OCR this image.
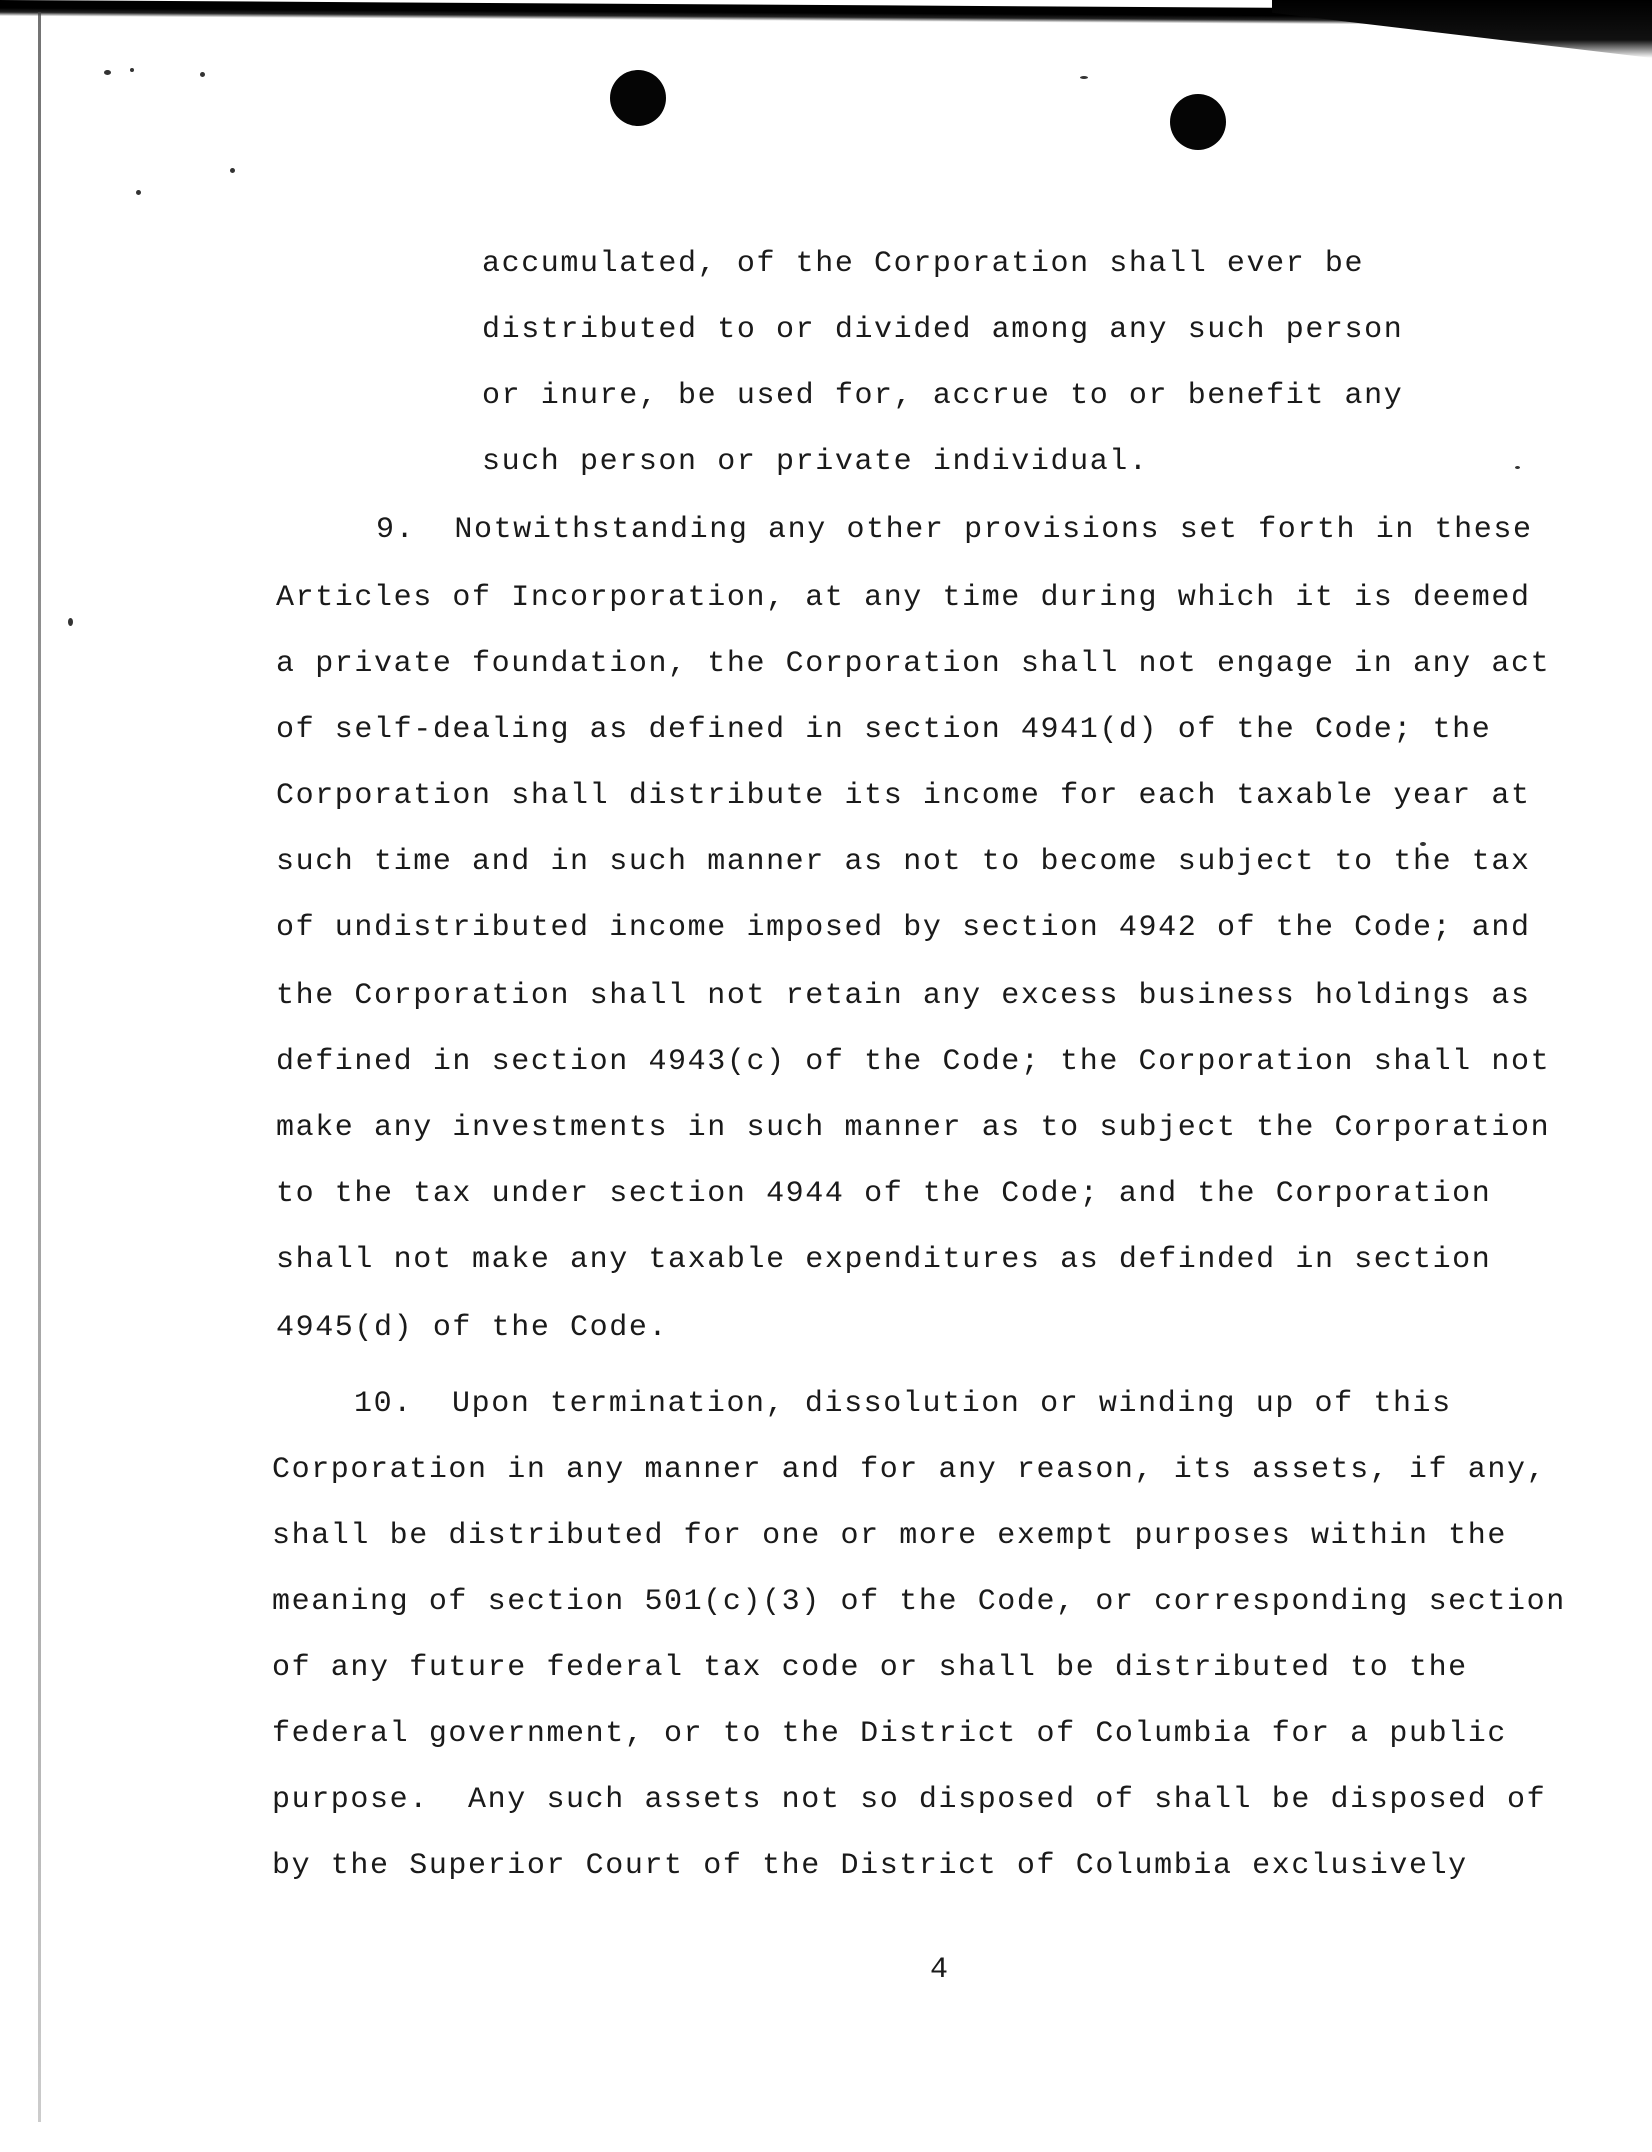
accumulated, of the Corporation shall ever be
distributed to or divided among any such person
or inure, be used for, accrue to or benefit any
such person or private individual.
9.  Notwithstanding any other provisions set forth in these
Articles of Incorporation, at any time during which it is deemed
a private foundation, the Corporation shall not engage in any act
of self-dealing as defined in section 4941(d) of the Code; the
Corporation shall distribute its income for each taxable year at
such time and in such manner as not to become subject to the tax
of undistributed income imposed by section 4942 of the Code; and
the Corporation shall not retain any excess business holdings as
defined in section 4943(c) of the Code; the Corporation shall not
make any investments in such manner as to subject the Corporation
to the tax under section 4944 of the Code; and the Corporation
shall not make any taxable expenditures as definded in section
4945(d) of the Code.
10.  Upon termination, dissolution or winding up of this
Corporation in any manner and for any reason, its assets, if any,
shall be distributed for one or more exempt purposes within the
meaning of section 501(c)(3) of the Code, or corresponding section
of any future federal tax code or shall be distributed to the
federal government, or to the District of Columbia for a public
purpose.  Any such assets not so disposed of shall be disposed of
by the Superior Court of the District of Columbia exclusively
4
